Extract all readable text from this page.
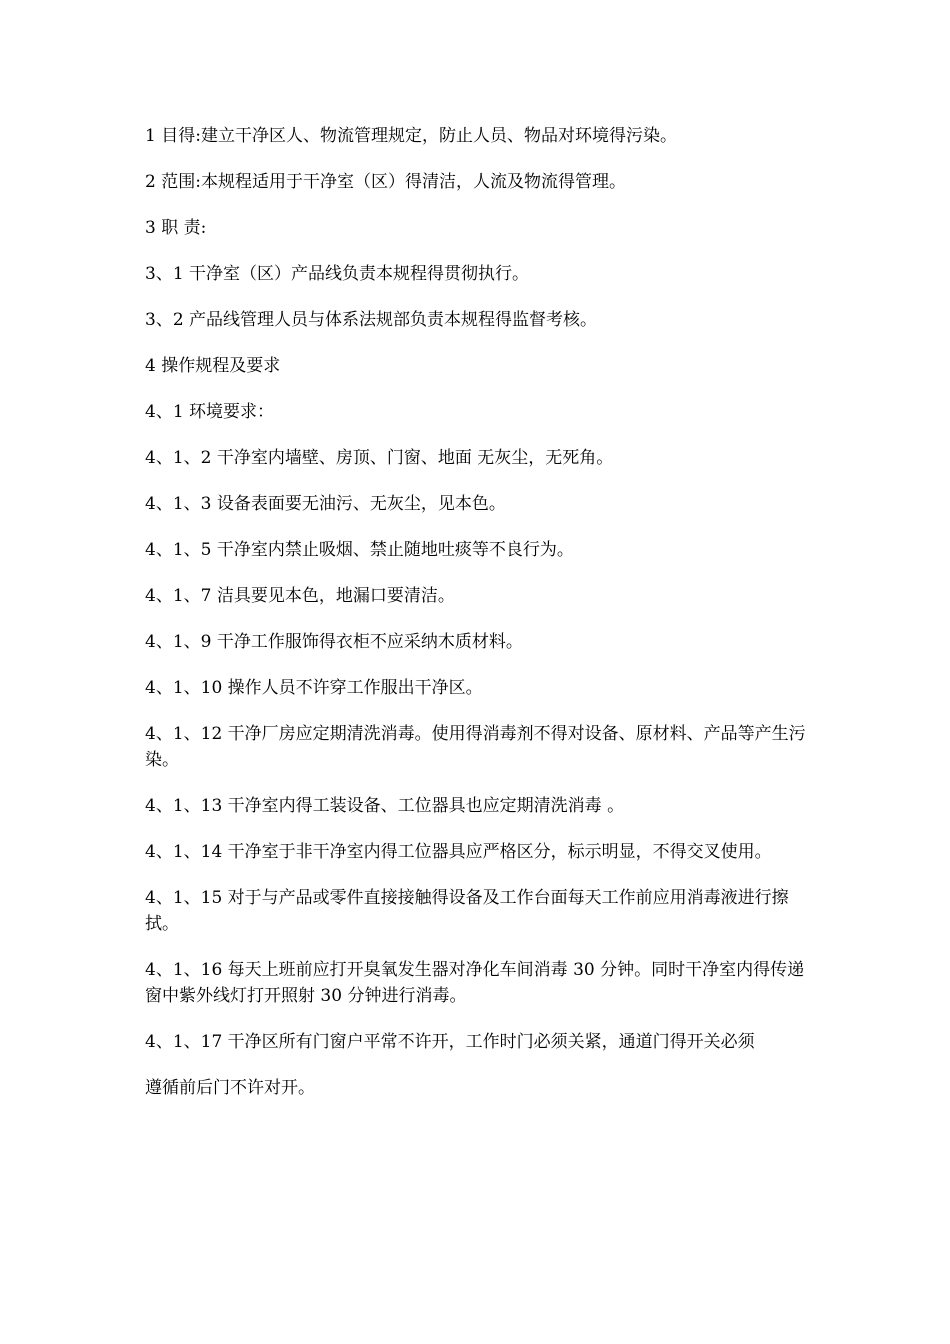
1 目得:建立干净区人、物流管理规定，防止人员、物品对环境得污染。

2 范围:本规程适用于干净室（区）得清洁，人流及物流得管理。

3 职 责:

3、1 干净室（区）产品线负责本规程得贯彻执行。

3、2 产品线管理人员与体系法规部负责本规程得监督考核。

4 操作规程及要求

4、1 环境要求：

4、1、2 干净室内墙壁、房顶、门窗、地面 无灰尘，无死角。

4、1、3 设备表面要无油污、无灰尘，见本色。

4、1、5 干净室内禁止吸烟、禁止随地吐痰等不良行为。

4、1、7 洁具要见本色，地漏口要清洁。

4、1、9 干净工作服饰得衣柜不应采纳木质材料。

4、1、10 操作人员不许穿工作服出干净区。

4、1、12 干净厂房应定期清洗消毒。使用得消毒剂不得对设备、原材料、产品等产生污染。

4、1、13 干净室内得工装设备、工位器具也应定期清洗消毒 。

4、1、14 干净室于非干净室内得工位器具应严格区分，标示明显，不得交叉使用。

4、1、15 对于与产品或零件直接接触得设备及工作台面每天工作前应用消毒液进行擦拭。

4、1、16 每天上班前应打开臭氧发生器对净化车间消毒 30 分钟。同时干净室内得传递窗中紫外线灯打开照射 30 分钟进行消毒。

4、1、17 干净区所有门窗户平常不许开，工作时门必须关紧，通道门得开关必须

遵循前后门不许对开。
